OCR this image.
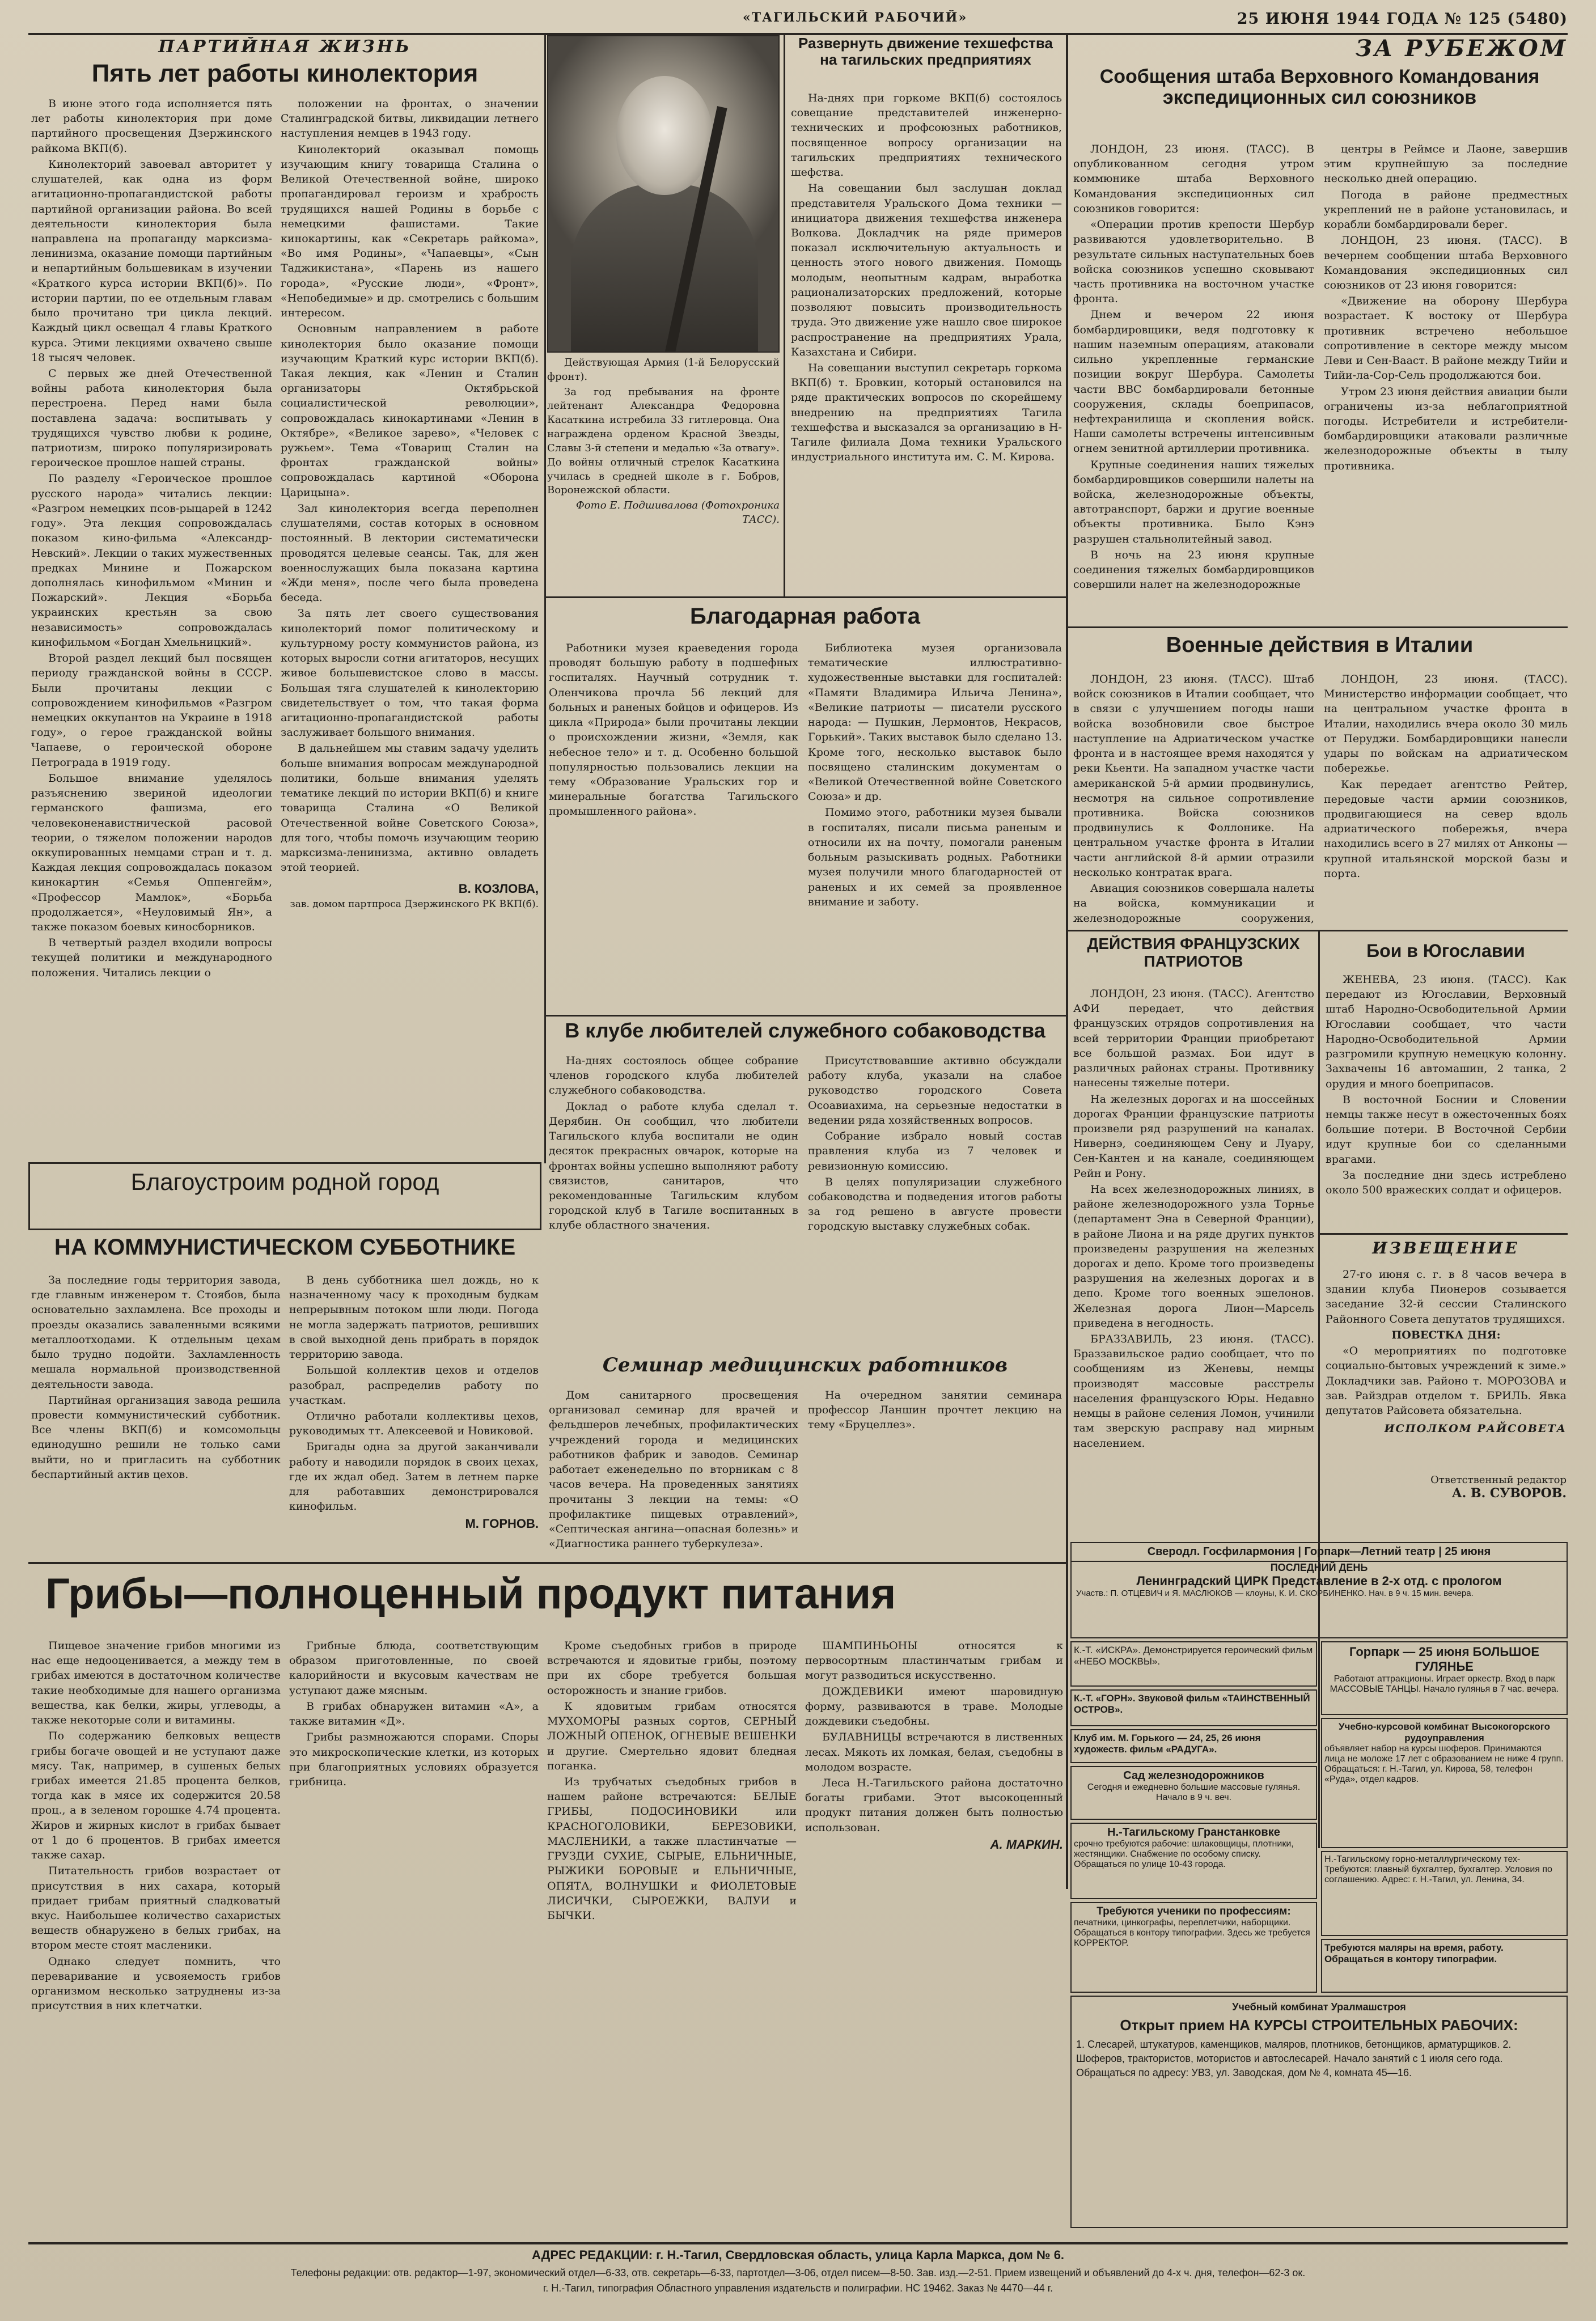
«ТАГИЛЬСКИЙ РАБОЧИЙ»	25 ИЮНЯ 1944 ГОДА № 125 (5480)
ПАРТИЙНАЯ ЖИЗНЬ
Пять лет работы кинолектория

В июне этого года исполняется пять лет работы кинолектория при доме партийного просвещения Дзержинского райкома ВКП(б).

Кинолекторий завоевал авторитет у слушателей, как одна из форм агитационно-пропагандистской работы партийной организации района. Во всей деятельности кинолектория была направлена на пропаганду марксизма-ленинизма, оказание помощи партийным и непартийным большевикам в изучении «Краткого курса истории ВКП(б)». По истории партии, по ее отдельным главам было прочитано три цикла лекций. Каждый цикл освещал 4 главы Краткого курса. Этими лекциями охвачено свыше 18 тысяч человек.

С первых же дней Отечественной войны работа кинолектория была перестроена. Перед нами была поставлена задача: воспитывать у трудящихся чувство любви к родине, патриотизм, широко популяризировать героическое прошлое нашей страны.

По разделу «Героическое прошлое русского народа» читались лекции: «Разгром немецких псов-рыцарей в 1242 году». Эта лекция сопровождалась показом кино-фильма «Александр-Невский». Лекции о таких мужественных предках Минине и Пожарском дополнялась кинофильмом «Минин и Пожарский». Лекция «Борьба украинских крестьян за свою независимость» сопровождалась кинофильмом «Богдан Хмельницкий».

Второй раздел лекций был посвящен периоду гражданской войны в СССР. Были прочитаны лекции с сопровождением кинофильмов «Разгром немецких оккупантов на Украине в 1918 году», о герое гражданской войны Чапаеве, о героической обороне Петрограда в 1919 году.

Большое внимание уделялось разъяснению звериной идеологии германского фашизма, его человеконенавистнической расовой теории, о тяжелом положении народов оккупированных немцами стран и т. д. Каждая лекция сопровождалась показом кинокартин «Семья Оппенгейм», «Профессор Мамлок», «Борьба продолжается», «Неуловимый Ян», а также показом боевых киносборников.

В четвертый раздел входили вопросы текущей политики и международного положения. Читались лекции о

положении на фронтах, о значении Сталинградской битвы, ликвидации летнего наступления немцев в 1943 году.

Кинолекторий оказывал помощь изучающим книгу товарища Сталина о Великой Отечественной войне, широко пропагандировал героизм и храбрость трудящихся нашей Родины в борьбе с немецкими фашистами. Такие кинокартины, как «Секретарь райкома», «Во имя Родины», «Чапаевцы», «Сын Таджикистана», «Парень из нашего города», «Русские люди», «Фронт», «Непобедимые» и др. смотрелись с большим интересом.

Основным направлением в работе кинолектория было оказание помощи изучающим Краткий курс истории ВКП(б). Такая лекция, как «Ленин и Сталин организаторы Октябрьской социалистической революции», сопровождалась кинокартинами «Ленин в Октябре», «Великое зарево», «Человек с ружьем». Тема «Товарищ Сталин на фронтах гражданской войны» сопровождалась картиной «Оборона Царицына».

Зал кинолектория всегда переполнен слушателями, состав которых в основном постоянный. В лектории систематически проводятся целевые сеансы. Так, для жен военнослужащих была показана картина «Жди меня», после чего была проведена беседа.

За пять лет своего существования кинолекторий помог политическому и культурному росту коммунистов района, из которых выросли сотни агитаторов, несущих живое большевистское слово в массы. Большая тяга слушателей к кинолекторию свидетельствует о том, что такая форма агитационно-пропагандистской работы заслуживает большого внимания.

В дальнейшем мы ставим задачу уделить больше внимания вопросам международной политики, больше внимания уделять тематике лекций по истории ВКП(б) и книге товарища Сталина «О Великой Отечественной войне Советского Союза», для того, чтобы помочь изучающим теорию марксизма-ленинизма, активно овладеть этой теорией.

В. КОЗЛОВА,
зав. домом партпроса Дзержинского РК ВКП(б).

Действующая Армия (1-й Белорусский фронт).

За год пребывания на фронте лейтенант Александра Федоровна Касаткина истребила 33 гитлеровца. Она награждена орденом Красной Звезды, Славы 3-й степени и медалью «За отвагу». До войны отличный стрелок Касаткина училась в средней школе в г. Бобров, Воронежской области.

Фото Е. Подшивалова (Фотохроника ТАСС).
Развернуть движение техшефства на тагильских предприятиях

На-днях при горкоме ВКП(б) состоялось совещание представителей инженерно-технических и профсоюзных работников, посвященное вопросу организации на тагильских предприятиях технического шефства.

На совещании был заслушан доклад представителя Уральского Дома техники — инициатора движения техшефства инженера Волкова. Докладчик на ряде примеров показал исключительную актуальность и ценность этого нового движения. Помощь молодым, неопытным кадрам, выработка рационализаторских предложений, которые позволяют повысить производительность труда. Это движение уже нашло свое широкое распространение на предприятиях Урала, Казахстана и Сибири.

На совещании выступил секретарь горкома ВКП(б) т. Бровкин, который остановился на ряде практических вопросов по скорейшему внедрению на предприятиях Тагила техшефства и высказался за организацию в Н-Тагиле филиала Дома техники Уральского индустриального института им. С. М. Кирова.

Благодарная работа

Работники музея краеведения города проводят большую работу в подшефных госпиталях. Научный сотрудник т. Оленчикова прочла 56 лекций для больных и раненых бойцов и офицеров. Из цикла «Природа» были прочитаны лекции о происхождении жизни, «Земля, как небесное тело» и т. д. Особенно большой популярностью пользовались лекции на тему «Образование Уральских гор и минеральные богатства Тагильского промышленного района».

Библиотека музея организовала тематические иллюстративно-художественные выставки для госпиталей: «Памяти Владимира Ильича Ленина», «Великие патриоты — писатели русского народа: — Пушкин, Лермонтов, Некрасов, Горький». Таких выставок было сделано 13. Кроме того, несколько выставок было посвящено сталинским документам о «Великой Отечественной войне Советского Союза» и др.

Помимо этого, работники музея бывали в госпиталях, писали письма раненым и относили их на почту, помогали раненым больным разыскивать родных. Работники музея получили много благодарностей от раненых и их семей за проявленное внимание и заботу.

В клубе любителей служебного собаководства

На-днях состоялось общее собрание членов городского клуба любителей служебного собаководства.

Доклад о работе клуба сделал т. Дерябин. Он сообщил, что любители Тагильского клуба воспитали не один десяток прекрасных овчарок, которые на фронтах войны успешно выполняют работу связистов, санитаров, что рекомендованные Тагильским клубом городской клуб в Тагиле воспитанных в клубе областного значения.

Присутствовавшие активно обсуждали работу клуба, указали на слабое руководство городского Совета Осоавиахима, на серьезные недостатки в ведении ряда хозяйственных вопросов.

Собрание избрало новый состав правления клуба из 7 человек и ревизионную комиссию.

В целях популяризации служебного собаководства и подведения итогов работы за год решено в августе провести городскую выставку служебных собак.

Семинар медицинских работников

Дом санитарного просвещения организовал семинар для врачей и фельдшеров лечебных, профилактических учреждений города и медицинских работников фабрик и заводов. Семинар работает еженедельно по вторникам с 8 часов вечера. На проведенных занятиях прочитаны 3 лекции на темы: «О профилактике пищевых отравлений», «Септическая ангина—опасная болезнь» и «Диагностика раннего туберкулеза».

На очередном занятии семинара профессор Ланшин прочтет лекцию на тему «Бруцеллез».

Благоустроим родной город
НА КОММУНИСТИЧЕСКОМ СУББОТНИКЕ

За последние годы территория завода, где главным инженером т. Стоябов, была основательно захламлена. Все проходы и проезды оказались заваленными всякими металлоотходами. К отдельным цехам было трудно подойти. Захламленность мешала нормальной производственной деятельности завода.

Партийная организация завода решила провести коммунистический субботник. Все члены ВКП(б) и комсомольцы единодушно решили не только сами выйти, но и пригласить на субботник беспартийный актив цехов.

В день субботника шел дождь, но к назначенному часу к проходным будкам непрерывным потоком шли люди. Погода не могла задержать патриотов, решивших в свой выходной день прибрать в порядок территорию завода.

Большой коллектив цехов и отделов разобрал, распределив работу по участкам.

Отлично работали коллективы цехов, руководимых тт. Алексеевой и Новиковой.

Бригады одна за другой заканчивали работу и наводили порядок в своих цехах, где их ждал обед. Затем в летнем парке для работавших демонстрировался кинофильм.

М. ГОРНОВ.
ЗА РУБЕЖОМ
Сообщения штаба Верховного Командования экспедиционных сил союзников

ЛОНДОН, 23 июня. (ТАСС). В опубликованном сегодня утром коммюнике штаба Верховного Командования экспедиционных сил союзников говорится:

«Операции против крепости Шербур развиваются удовлетворительно. В результате сильных наступательных боев войска союзников успешно сковывают часть противника на восточном участке фронта.

Днем и вечером 22 июня бомбардировщики, ведя подготовку к нашим наземным операциям, атаковали сильно укрепленные германские позиции вокруг Шербура. Самолеты части ВВС бомбардировали бетонные сооружения, склады боеприпасов, нефтехранилища и скопления войск. Наши самолеты встречены интенсивным огнем зенитной артиллерии противника.

Крупные соединения наших тяжелых бомбардировщиков совершили налеты на войска, железнодорожные объекты, автотранспорт, баржи и другие военные объекты противника. Было Кэнэ разрушен стальнолитейный завод.

В ночь на 23 июня крупные соединения тяжелых бомбардировщиков совершили налет на железнодорожные

центры в Реймсе и Лаоне, завершив этим крупнейшую за последние несколько дней операцию.

Погода в районе предместных укреплений не в районе установилась, и корабли бомбардировали берег.

ЛОНДОН, 23 июня. (ТАСС). В вечернем сообщении штаба Верховного Командования экспедиционных сил союзников от 23 июня говорится:

«Движение на оборону Шербура возрастает. К востоку от Шербура противник встречено небольшое сопротивление в секторе между мысом Леви и Сен-Вааст. В районе между Тийи и Тийи-ла-Сор-Сель продолжаются бои.

Утром 23 июня действия авиации были ограничены из-за неблагоприятной погоды. Истребители и истребители-бомбардировщики атаковали различные железнодорожные объекты в тылу противника.

Военные действия в Италии

ЛОНДОН, 23 июня. (ТАСС). Штаб войск союзников в Италии сообщает, что в связи с улучшением погоды наши войска возобновили свое быстрое наступление на Адриатическом участке фронта и в настоящее время находятся у реки Кьенти. На западном участке части американской 5-й армии продвинулись, несмотря на сильное сопротивление противника. Войска союзников продвинулись к Фоллонике. На центральном участке фронта в Италии части английской 8-й армии отразили несколько контратак врага.

Авиация союзников совершала налеты на войска, коммуникации и железнодорожные сооружения,

ЛОНДОН, 23 июня. (ТАСС). Министерство информации сообщает, что на центральном участке фронта в Италии, находились вчера около 30 миль от Перуджи. Бомбардировщики нанесли удары по войскам на адриатическом побережье.

Как передает агентство Рейтер, передовые части армии союзников, продвигающиеся на север вдоль адриатического побережья, вчера находились всего в 27 милях от Анконы — крупной итальянской морской базы и порта.

ДЕЙСТВИЯ ФРАНЦУЗСКИХ ПАТРИОТОВ

ЛОНДОН, 23 июня. (ТАСС). Агентство АФИ передает, что действия французских отрядов сопротивления на всей территории Франции приобретают все большой размах. Бои идут в различных районах страны. Противнику нанесены тяжелые потери.

На железных дорогах и на шоссейных дорогах Франции французские патриоты произвели ряд разрушений на каналах. Нивернэ, соединяющем Сену и Луару, Сен-Кантен и на канале, соединяющем Рейн и Рону.

На всех железнодорожных линиях, в районе железнодорожного узла Торнье (департамент Эна в Северной Франции), в районе Лиона и на ряде других пунктов произведены разрушения на железных дорогах и депо. Кроме того произведены разрушения на железных дорогах и в депо. Кроме того военных эшелонов. Железная дорога Лион—Марсель приведена в негодность.

БРАЗЗАВИЛЬ, 23 июня. (ТАСС). Браззавильское радио сообщает, что по сообщениям из Женевы, немцы производят массовые расстрелы населения французского Юры. Недавно немцы в районе селения Ломон, учинили там зверскую расправу над мирным населением.

Бои в Югославии

ЖЕНЕВА, 23 июня. (ТАСС). Как передают из Югославии, Верховный штаб Народно-Освободительной Армии Югославии сообщает, что части Народно-Освободительной Армии разгромили крупную немецкую колонну. Захвачены 16 автомашин, 2 танка, 2 орудия и много боеприпасов.

В восточной Боснии и Словении немцы также несут в ожесточенных боях большие потери. В Восточной Сербии идут крупные бои со сделанными врагами.

За последние дни здесь истреблено около 500 вражеских солдат и офицеров.

ИЗВЕЩЕНИЕ

27-го июня с. г. в 8 часов вечера в здании клуба Пионеров созывается заседание 32-й сессии Сталинского Районного Совета депутатов трудящихся.

ПОВЕСТКА ДНЯ:

«О мероприятиях по подготовке социально-бытовых учреждений к зиме.» Докладчики зав. Районо т. МОРОЗОВА и зав. Райздрав отделом т. БРИЛЬ. Явка депутатов Райсовета обязательна.

ИСПОЛКОМ РАЙСОВЕТА
Ответственный редактор
А. В. СУВОРОВ.
Грибы—полноценный продукт питания

Пищевое значение грибов многими из нас еще недооценивается, а между тем в грибах имеются в достаточном количестве такие необходимые для нашего организма вещества, как белки, жиры, углеводы, а также некоторые соли и витамины.

По содержанию белковых веществ грибы богаче овощей и не уступают даже мясу. Так, например, в сушеных белых грибах имеется 21.85 процента белков, тогда как в мясе их содержится 20.58 проц., а в зеленом горошке 4.74 процента. Жиров и жирных кислот в грибах бывает от 1 до 6 процентов. В грибах имеется также сахар.

Питательность грибов возрастает от присутствия в них сахара, который придает грибам приятный сладковатый вкус. Наибольшее количество сахаристых веществ обнаружено в белых грибах, на втором месте стоят масленики.

Однако следует помнить, что переваривание и усвояемость грибов организмом несколько затруднены из-за присутствия в них клетчатки.

Грибные блюда, соответствующим образом приготовленные, по своей калорийности и вкусовым качествам не уступают даже мясным.

В грибах обнаружен витамин «А», а также витамин «Д».

Грибы размножаются спорами. Споры это микроскопические клетки, из которых при благоприятных условиях образуется грибница.

Кроме съедобных грибов в природе встречаются и ядовитые грибы, поэтому при их сборе требуется большая осторожность и знание грибов.

К ядовитым грибам относятся МУХОМОРЫ разных сортов, СЕРНЫЙ ЛОЖНЫЙ ОПЕНОК, ОГНЕВЫЕ ВЕШЕНКИ и другие. Смертельно ядовит бледная поганка.

Из трубчатых съедобных грибов в нашем районе встречаются: БЕЛЫЕ ГРИБЫ, ПОДОСИНОВИКИ или КРАСНОГОЛОВИКИ, БЕРЕЗОВИКИ, МАСЛЕНИКИ, а также пластинчатые — ГРУЗДИ СУХИЕ, СЫРЫЕ, ЕЛЬНИЧНЫЕ, РЫЖИКИ БОРОВЫЕ и ЕЛЬНИЧНЫЕ, ОПЯТА, ВОЛНУШКИ и ФИОЛЕТОВЫЕ ЛИСИЧКИ, СЫРОЕЖКИ, ВАЛУИ и БЫЧКИ.

ШАМПИНЬОНЫ относятся к первосортным пластинчатым грибам и могут разводиться искусственно.

ДОЖДЕВИКИ имеют шаровидную форму, развиваются в траве. Молодые дождевики съедобны.

БУЛАВНИЦЫ встречаются в лиственных лесах. Мякоть их ломкая, белая, съедобны в молодом возрасте.

Леса Н.-Тагильского района достаточно богаты грибами. Этот высокоценный продукт питания должен быть полностью использован.

А. МАРКИН.
Сверодл. Госфилармония | Горпарк—Летний театр | 25 июня
ПОСЛЕДНИЙ ДЕНЬ
Ленинградский ЦИРК Представление в 2-х отд. с прологом
Участв.: П. ОТЦЕВИЧ и Я. МАСЛЮКОВ — клоуны, К. И. СКОРБИНЕНКО. Нач. в 9 ч. 15 мин. вечера.
К.-Т. «ИСКРА». Демонстрируется героический фильм «НЕБО МОСКВЫ».
К.-Т. «ГОРН». Звуковой фильм «ТАИНСТВЕННЫЙ ОСТРОВ».
Клуб им. М. Горького — 24, 25, 26 июня художеств. фильм «РАДУГА».
Сад железнодорожников
Сегодня и ежедневно большие массовые гулянья. Начало в 9 ч. веч.
Н.-Тагильскому Гранстанковке
срочно требуются рабочие: шлаковщицы, плотники, жестянщики. Снабжение по особому списку. Обращаться по улице 10-43 города.
Требуются ученики по профессиям:
печатники, цинкографы, переплетчики, наборщики. Обращаться в контору типографии. Здесь же требуется КОРРЕКТОР.
Горпарк — 25 июня БОЛЬШОЕ ГУЛЯНЬЕ
Работают аттракционы. Играет оркестр. Вход в парк МАССОВЫЕ ТАНЦЫ. Начало гулянья в 7 час. вечера.
Учебно-курсовой комбинат Высокогорского рудоуправления
объявляет набор на курсы шоферов. Принимаются лица не моложе 17 лет с образованием не ниже 4 групп. Обращаться: г. Н.-Тагил, ул. Кирова, 58, телефон «Руда», отдел кадров.
Н.-Тагильскому горно-металлургическому тех- Требуются: главный бухгалтер, бухгалтер. Условия по соглашению. Адрес: г. Н.-Тагил, ул. Ленина, 34.
Требуются маляры на время, работу. Обращаться в контору типографии.
Учебный комбинат Уралмашстроя
Открыт прием НА КУРСЫ СТРОИТЕЛЬНЫХ РАБОЧИХ:
1. Слесарей, штукатуров, каменщиков, маляров, плотников, бетонщиков, арматурщиков. 2. Шоферов, трактористов, мотористов и автослесарей. Начало занятий с 1 июля сего года. Обращаться по адресу: УВЗ, ул. Заводская, дом № 4, комната 45—16.
АДРЕС РЕДАКЦИИ: г. Н.-Тагил, Свердловская область, улица Карла Маркса, дом № 6.
Телефоны редакции: отв. редактор—1-97, экономический отдел—6-33, отв. секретарь—6-33, партотдел—3-06, отдел писем—8-50. Зав. изд.—2-51. Прием извещений и объявлений до 4-х ч. дня, телефон—62-3 ок.
г. Н.-Тагил, типография Областного управления издательств и полиграфии. НС 19462. Заказ № 4470—44 г.
